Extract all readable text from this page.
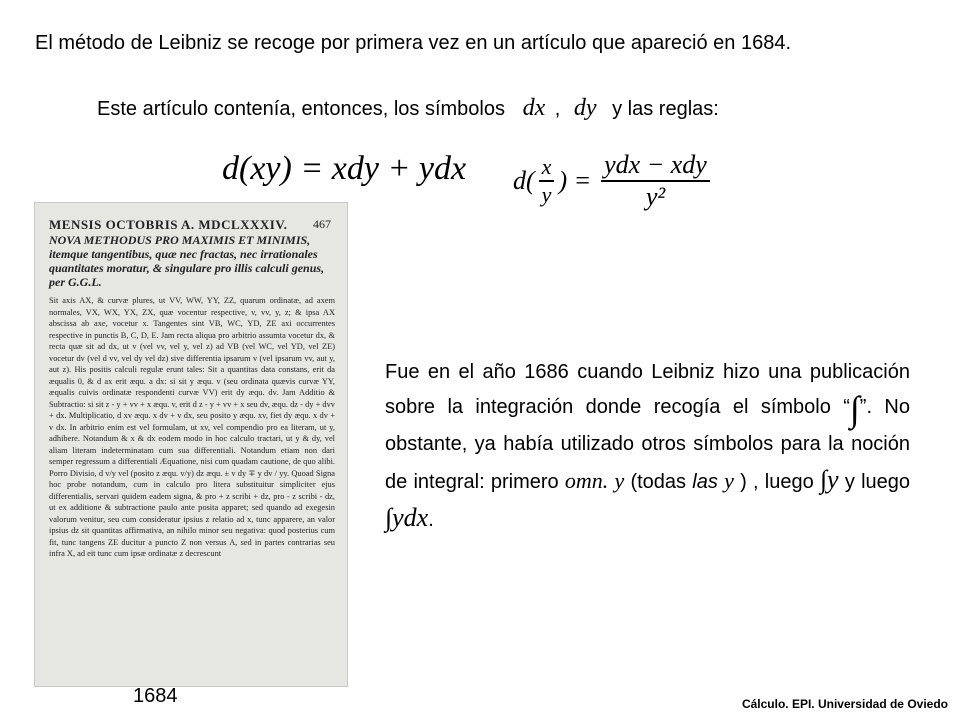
El método de Leibniz se recoge por primera vez en un artículo que apareció en 1684.
Este artículo contenía, entonces, los símbolos dx , dy y las reglas:
d(xy) = xdy + ydx $d( \frac{x}{y}$ ) = $\frac{\text{ydx − xdy}}{\text{y²}}$
MENSIS OCTOBRIS A. MDCLXXXIV.	467
NOVA METHODUS PRO MAXIMIS ET MINIMIS, itemque tangentibus, quæ nec fractas, nec irrationales quantitates moratur, & singulare pro illis calculi genus, per G.G.L.
Sit axis AX, & curvæ plures, ut VV, WW, YY, ZZ, quarum ordinatæ, ad axem normales, VX, WX, YX, ZX, quæ vocentur respective, v, vv, y, z; & ipsa AX abscissa ab axe, vocetur x. Tangentes sint VB, WC, YD, ZE axi occurrentes respective in punctis B, C, D, E. Jam recta aliqua pro arbitrio assumta vocetur dx, & recta quæ sit ad dx, ut v (vel vv, vel y, vel z) ad VB (vel WC, vel YD, vel ZE) vocetur dv (vel d vv, vel dy vel dz) sive differentia ipsarum v (vel ipsarum vv, aut y, aut z). His positis calculi regulæ erunt tales: Sit a quantitas data constans, erit da æqualis 0, & d ax erit æqu. a dx: si sit y æqu. v (seu ordinata quævis curvæ YY, æqualis cuivis ordinatæ respondenti curvæ VV) erit dy æqu. dv. Jam Additio & Subtractio: si sit z - y + vv + x æqu. v, erit d z - y + vv + x seu dv, æqu. dz - dy + dvv + dx. Multiplicatio, d xv æqu. x dv + v dx, seu posito y æqu. xv, fiet dy æqu. x dv + v dx. In arbitrio enim est vel formulam, ut xv, vel compendio pro ea literam, ut y, adhibere. Notandum & x & dx eodem modo in hoc calculo tractari, ut y & dy, vel aliam literam indeterminatam cum sua differentiali. Notandum etiam non dari semper regressum a differentiali Æquatione, nisi cum quadam cautione, de quo alibi. Porro Divisio, d v/y vel (posito z æqu. v/y) dz æqu. ± v dy ∓ y dv / yy. Quoad Signa hoc probe notandum, cum in calculo pro litera substituitur simpliciter ejus differentialis, servari quidem eadem signa, & pro + z scribi + dz, pro - z scribi - dz, ut ex additione & subtractione paulo ante posita apparet; sed quando ad exegesin valorum venitur, seu cum consideratur ipsius z relatio ad x, tunc apparere, an valor ipsius dz sit quantitas affirmativa, an nihilo minor seu negativa: quod posterius cum fit, tunc tangens ZE ducitur a puncto Z non versus A, sed in partes contrarias seu infra X, ad eit tunc cum ipsæ ordinatæ z decrescunt
1684
Fue en el año 1686 cuando Leibniz hizo una publicación sobre la integración donde recogía el símbolo “∫”. No obstante, ya había utilizado otros símbolos para la noción de integral: primero omn. y (todas las y ) , luego ∫y y luego ∫ydx.
Cálculo. EPI. Universidad de Oviedo
